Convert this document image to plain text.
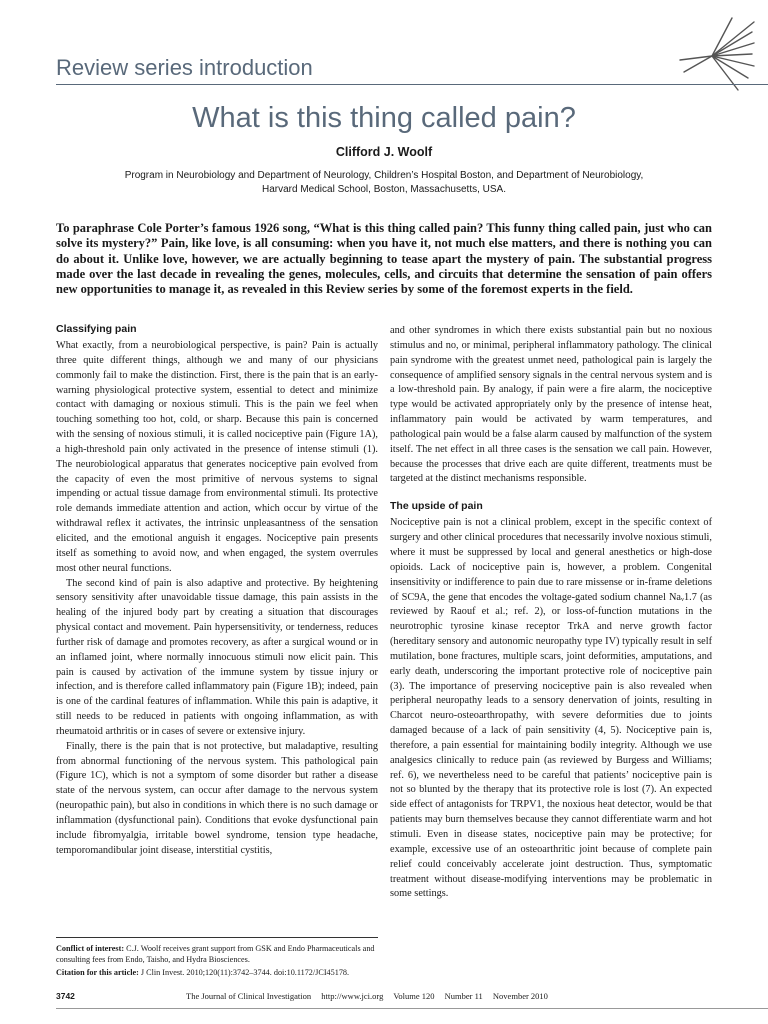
Review series introduction
What is this thing called pain?
Clifford J. Woolf
Program in Neurobiology and Department of Neurology, Children’s Hospital Boston, and Department of Neurobiology,
Harvard Medical School, Boston, Massachusetts, USA.
To paraphrase Cole Porter’s famous 1926 song, “What is this thing called pain? This funny thing called pain, just who can solve its mystery?” Pain, like love, is all consuming: when you have it, not much else matters, and there is nothing you can do about it. Unlike love, however, we are actually beginning to tease apart the mystery of pain. The substantial progress made over the last decade in revealing the genes, molecules, cells, and circuits that determine the sensation of pain offers new opportunities to manage it, as revealed in this Review series by some of the foremost experts in the field.
Classifying pain

What exactly, from a neurobiological perspective, is pain? Pain is actually three quite different things, although we and many of our physicians commonly fail to make the distinction. First, there is the pain that is an early-warning physiological protective system, essential to detect and minimize contact with damaging or noxious stimuli. This is the pain we feel when touching something too hot, cold, or sharp. Because this pain is concerned with the sensing of noxious stimuli, it is called nociceptive pain (Figure 1A), a high-threshold pain only activated in the presence of intense stimuli (1). The neurobiological apparatus that generates nociceptive pain evolved from the capacity of even the most primitive of nervous systems to signal impending or actual tissue damage from environmental stimuli. Its protective role demands immediate attention and action, which occur by virtue of the withdrawal reflex it activates, the intrinsic unpleasantness of the sensation elicited, and the emotional anguish it engages. Nociceptive pain presents itself as something to avoid now, and when engaged, the system overrules most other neural functions.

The second kind of pain is also adaptive and protective. By heightening sensory sensitivity after unavoidable tissue damage, this pain assists in the healing of the injured body part by creating a situation that discourages physical contact and movement. Pain hypersensitivity, or tenderness, reduces further risk of damage and promotes recovery, as after a surgical wound or in an inflamed joint, where normally innocuous stimuli now elicit pain. This pain is caused by activation of the immune system by tissue injury or infection, and is therefore called inflammatory pain (Figure 1B); indeed, pain is one of the cardinal features of inflammation. While this pain is adaptive, it still needs to be reduced in patients with ongoing inflammation, as with rheumatoid arthritis or in cases of severe or extensive injury.

Finally, there is the pain that is not protective, but maladaptive, resulting from abnormal functioning of the nervous system. This pathological pain (Figure 1C), which is not a symptom of some disorder but rather a disease state of the nervous system, can occur after damage to the nervous system (neuropathic pain), but also in conditions in which there is no such damage or inflammation (dysfunctional pain). Conditions that evoke dysfunctional pain include fibromyalgia, irritable bowel syndrome, tension type headache, temporomandibular joint disease, interstitial cystitis,

and other syndromes in which there exists substantial pain but no noxious stimulus and no, or minimal, peripheral inflammatory pathology. The clinical pain syndrome with the greatest unmet need, pathological pain is largely the consequence of amplified sensory signals in the central nervous system and is a low-threshold pain. By analogy, if pain were a fire alarm, the nociceptive type would be activated appropriately only by the presence of intense heat, inflammatory pain would be activated by warm temperatures, and pathological pain would be a false alarm caused by malfunction of the system itself. The net effect in all three cases is the sensation we call pain. However, because the processes that drive each are quite different, treatments must be targeted at the distinct mechanisms responsible.

The upside of pain

Nociceptive pain is not a clinical problem, except in the specific context of surgery and other clinical procedures that necessarily involve noxious stimuli, where it must be suppressed by local and general anesthetics or high-dose opioids. Lack of nociceptive pain is, however, a problem. Congenital insensitivity or indifference to pain due to rare missense or in-frame deletions of SC9A, the gene that encodes the voltage-gated sodium channel Naᵥ1.7 (as reviewed by Raouf et al.; ref. 2), or loss-of-function mutations in the neurotrophic tyrosine kinase receptor TrkA and nerve growth factor (hereditary sensory and autonomic neuropathy type IV) typically result in self mutilation, bone fractures, multiple scars, joint deformities, amputations, and early death, underscoring the important protective role of nociceptive pain (3). The importance of preserving nociceptive pain is also revealed when peripheral neuropathy leads to a sensory denervation of joints, resulting in Charcot neuro-osteoarthropathy, with severe deformities due to joints damaged because of a lack of pain sensitivity (4, 5). Nociceptive pain is, therefore, a pain essential for maintaining bodily integrity. Although we use analgesics clinically to reduce pain (as reviewed by Burgess and Williams; ref. 6), we nevertheless need to be careful that patients’ nociceptive pain is not so blunted by the therapy that its protective role is lost (7). An expected side effect of antagonists for TRPV1, the noxious heat detector, would be that patients may burn themselves because they cannot differentiate warm and hot stimuli. Even in disease states, nociceptive pain may be protective; for example, excessive use of an osteoarthritic joint because of complete pain relief could conceivably accelerate joint destruction. Thus, symptomatic treatment without disease-modifying interventions may be problematic in some settings.

Conflict of interest: C.J. Woolf receives grant support from GSK and Endo Pharmaceuticals and consulting fees from Endo, Taisho, and Hydra Biosciences.

Citation for this article: J Clin Invest. 2010;120(11):3742–3744. doi:10.1172/JCI45178.

3742	The Journal of Clinical Investigation http://www.jci.org Volume 120 Number 11 November 2010
